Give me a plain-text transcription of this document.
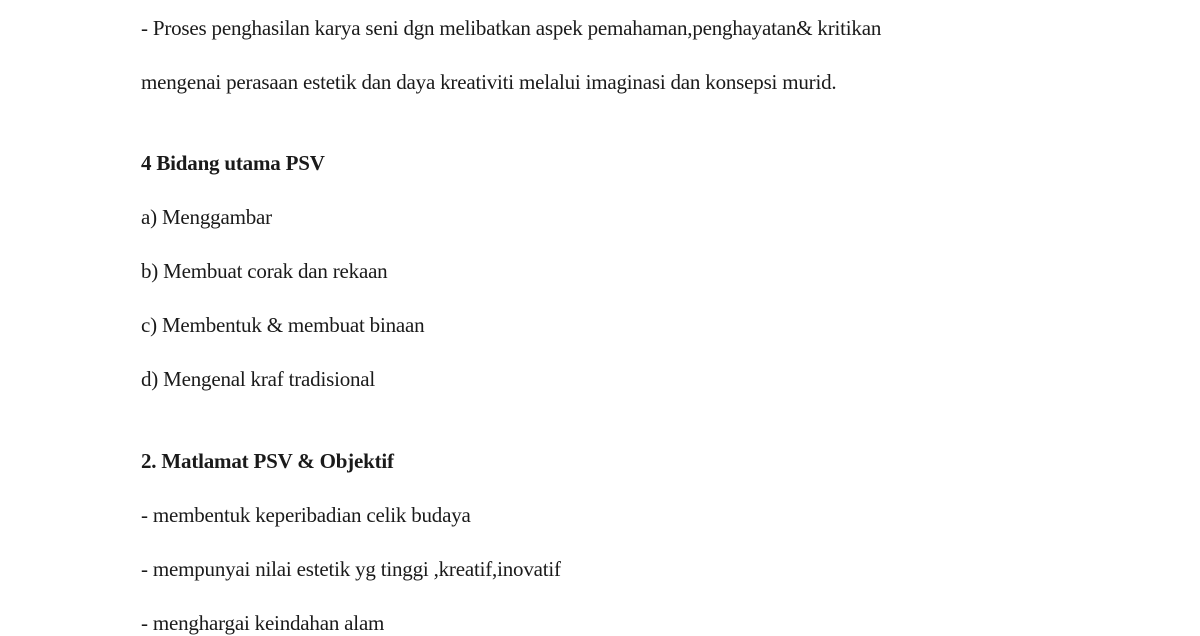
- Proses penghasilan karya seni dgn melibatkan aspek pemahaman,penghayatan& kritikan
mengenai perasaan estetik dan daya kreativiti melalui imaginasi dan konsepsi murid.
4 Bidang utama PSV
a) Menggambar
b) Membuat corak dan rekaan
c) Membentuk & membuat binaan
d) Mengenal kraf tradisional
2. Matlamat PSV & Objektif
- membentuk keperibadian celik budaya
- mempunyai nilai estetik yg tinggi ,kreatif,inovatif
- menghargai keindahan alam
